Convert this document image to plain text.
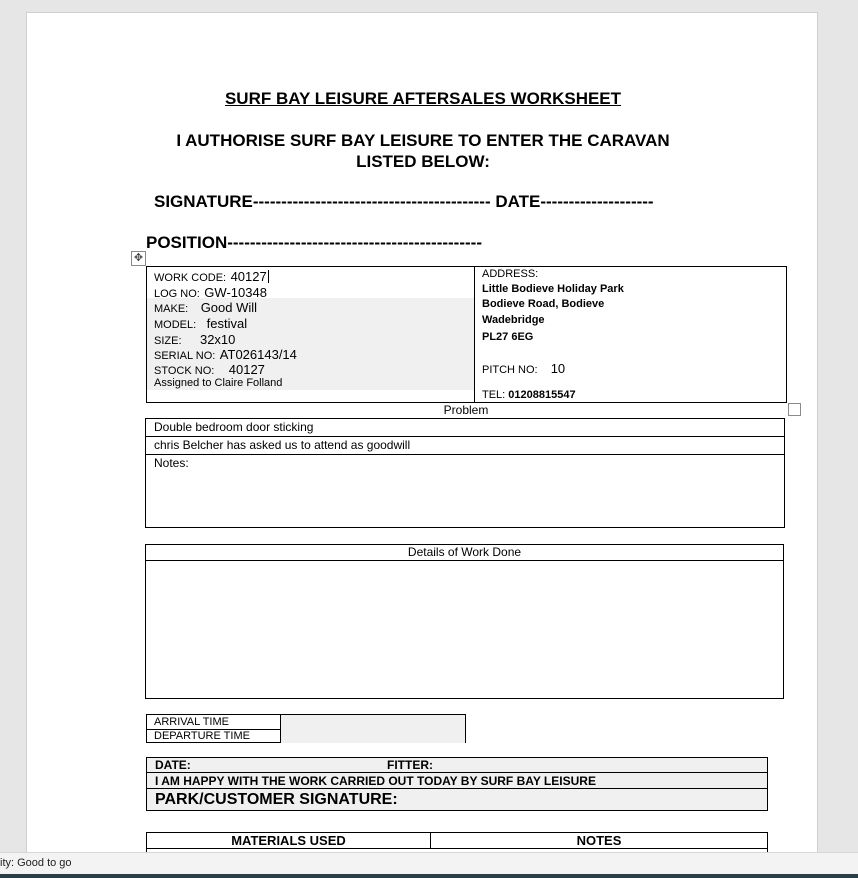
SURF BAY LEISURE AFTERSALES WORKSHEET
I AUTHORISE SURF BAY LEISURE TO ENTER THE CARAVAN
LISTED BELOW:
SIGNATURE------------------------------------------ DATE--------------------
POSITION---------------------------------------------
✥
WORK CODE: 40127
LOG NO: GW-10348
MAKE: Good Will
MODEL: festival
SIZE: 32x10
SERIAL NO: AT026143/14
STOCK NO: 40127
Assigned to Claire Folland
ADDRESS:
Little Bodieve Holiday Park
Bodieve Road, Bodieve
Wadebridge
PL27 6EG
PITCH NO: 10
TEL: 01208815547
Problem
Double bedroom door sticking
chris Belcher has asked us to attend as goodwill
Notes:
Details of Work Done
ARRIVAL TIME
DEPARTURE TIME
DATE:	FITTER:
I AM HAPPY WITH THE WORK CARRIED OUT TODAY BY SURF BAY LEISURE
PARK/CUSTOMER SIGNATURE:
MATERIALS USED	NOTES
ity: Good to go
